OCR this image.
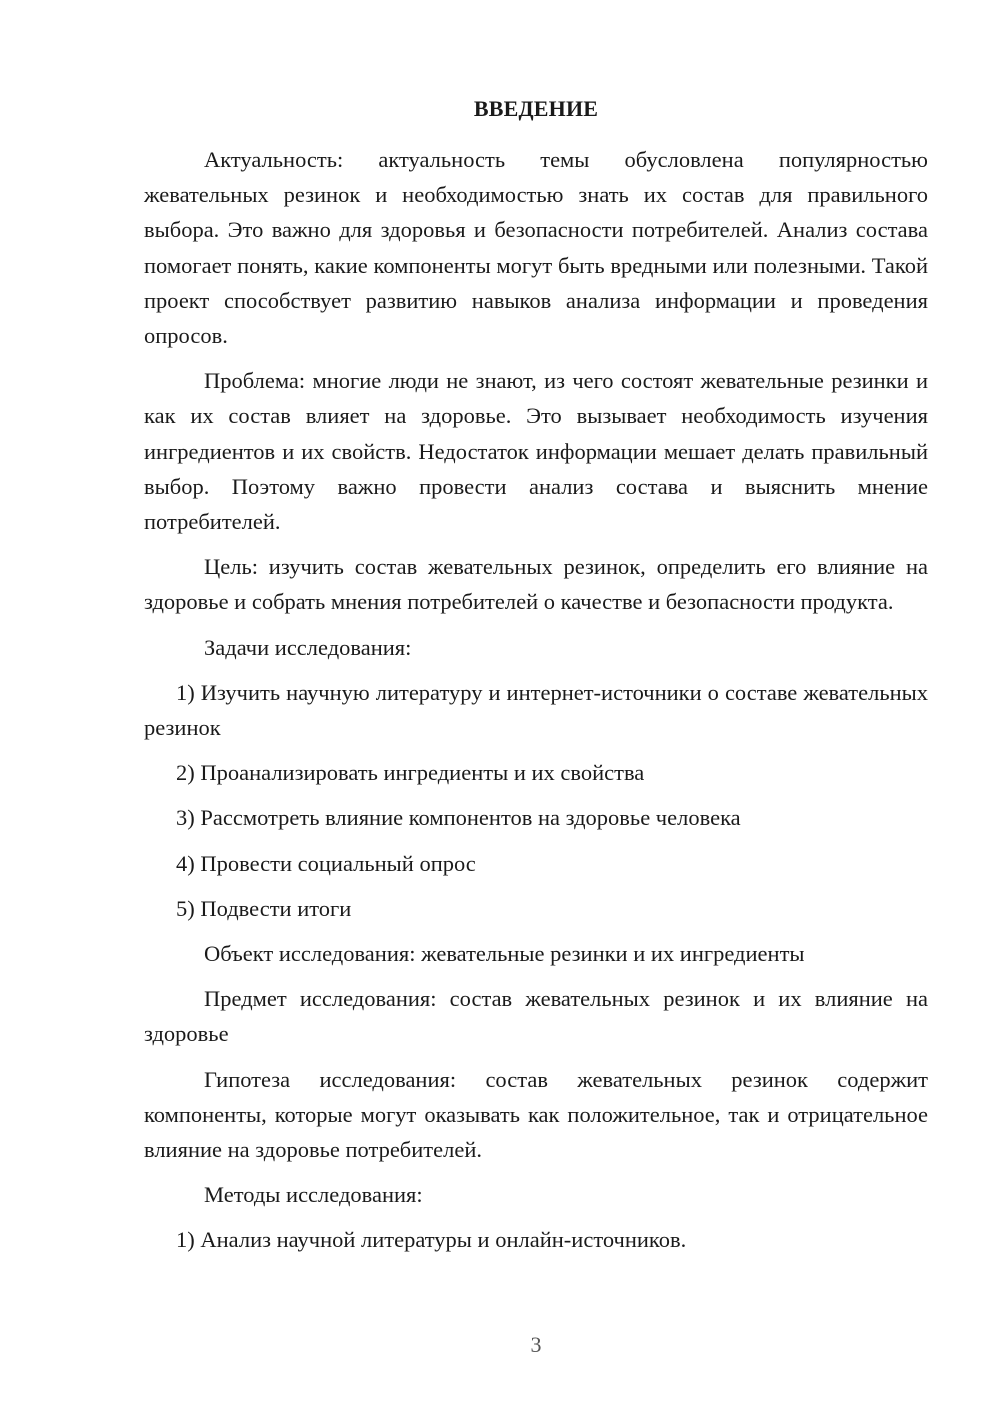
ВВЕДЕНИЕ

Актуальность: актуальность темы обусловлена популярностью жевательных резинок и необходимостью знать их состав для правильного выбора. Это важно для здоровья и безопасности потребителей. Анализ состава помогает понять, какие компоненты могут быть вредными или полезными. Такой проект способствует развитию навыков анализа информации и проведения опросов.

Проблема: многие люди не знают, из чего состоят жевательные резинки и как их состав влияет на здоровье. Это вызывает необходимость изучения ингредиентов и их свойств. Недостаток информации мешает делать правильный выбор. Поэтому важно провести анализ состава и выяснить мнение потребителей.

Цель: изучить состав жевательных резинок, определить его влияние на здоровье и собрать мнения потребителей о качестве и безопасности продукта.

Задачи исследования:

1) Изучить научную литературу и интернет-источники о составе жевательных резинок

2) Проанализировать ингредиенты и их свойства

3) Рассмотреть влияние компонентов на здоровье человека

4) Провести социальный опрос

5) Подвести итоги

Объект исследования: жевательные резинки и их ингредиенты

Предмет исследования: состав жевательных резинок и их влияние на здоровье

Гипотеза исследования: состав жевательных резинок содержит компоненты, которые могут оказывать как положительное, так и отрицательное влияние на здоровье потребителей.

Методы исследования:

1) Анализ научной литературы и онлайн-источников.

3
